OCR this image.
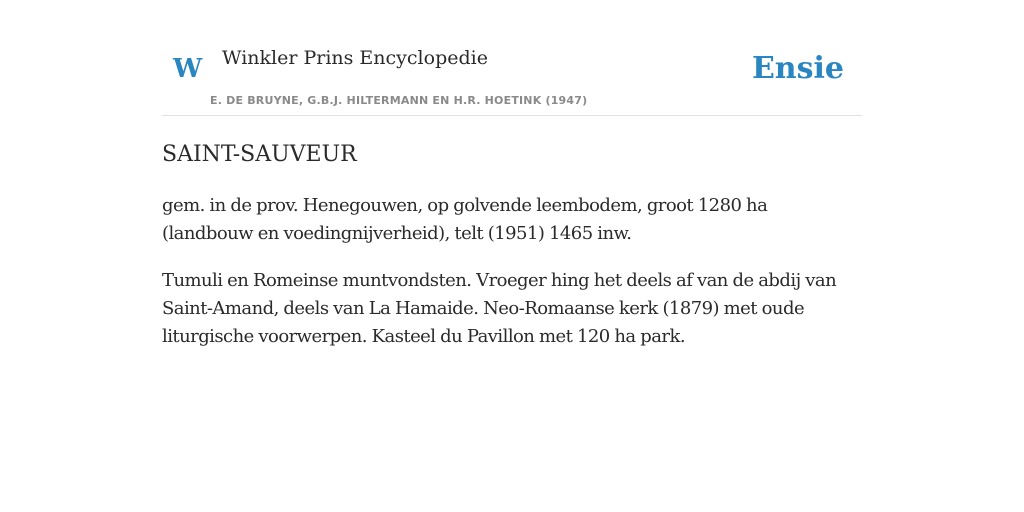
W Winkler Prins Encyclopedie
E. DE BRUYNE, G.B.J. HILTERMANN EN H.R. HOETINK (1947)
Ensie
SAINT-SAUVEUR

gem. in de prov. Henegouwen, op golvende leembodem, groot 1280 ha (landbouw en voedingnijverheid), telt (1951) 1465 inw.

Tumuli en Romeinse muntvondsten. Vroeger hing het deels af van de abdij van Saint-Amand, deels van La Hamaide. Neo-Romaanse kerk (1879) met oude liturgische voorwerpen. Kasteel du Pavillon met 120 ha park.
